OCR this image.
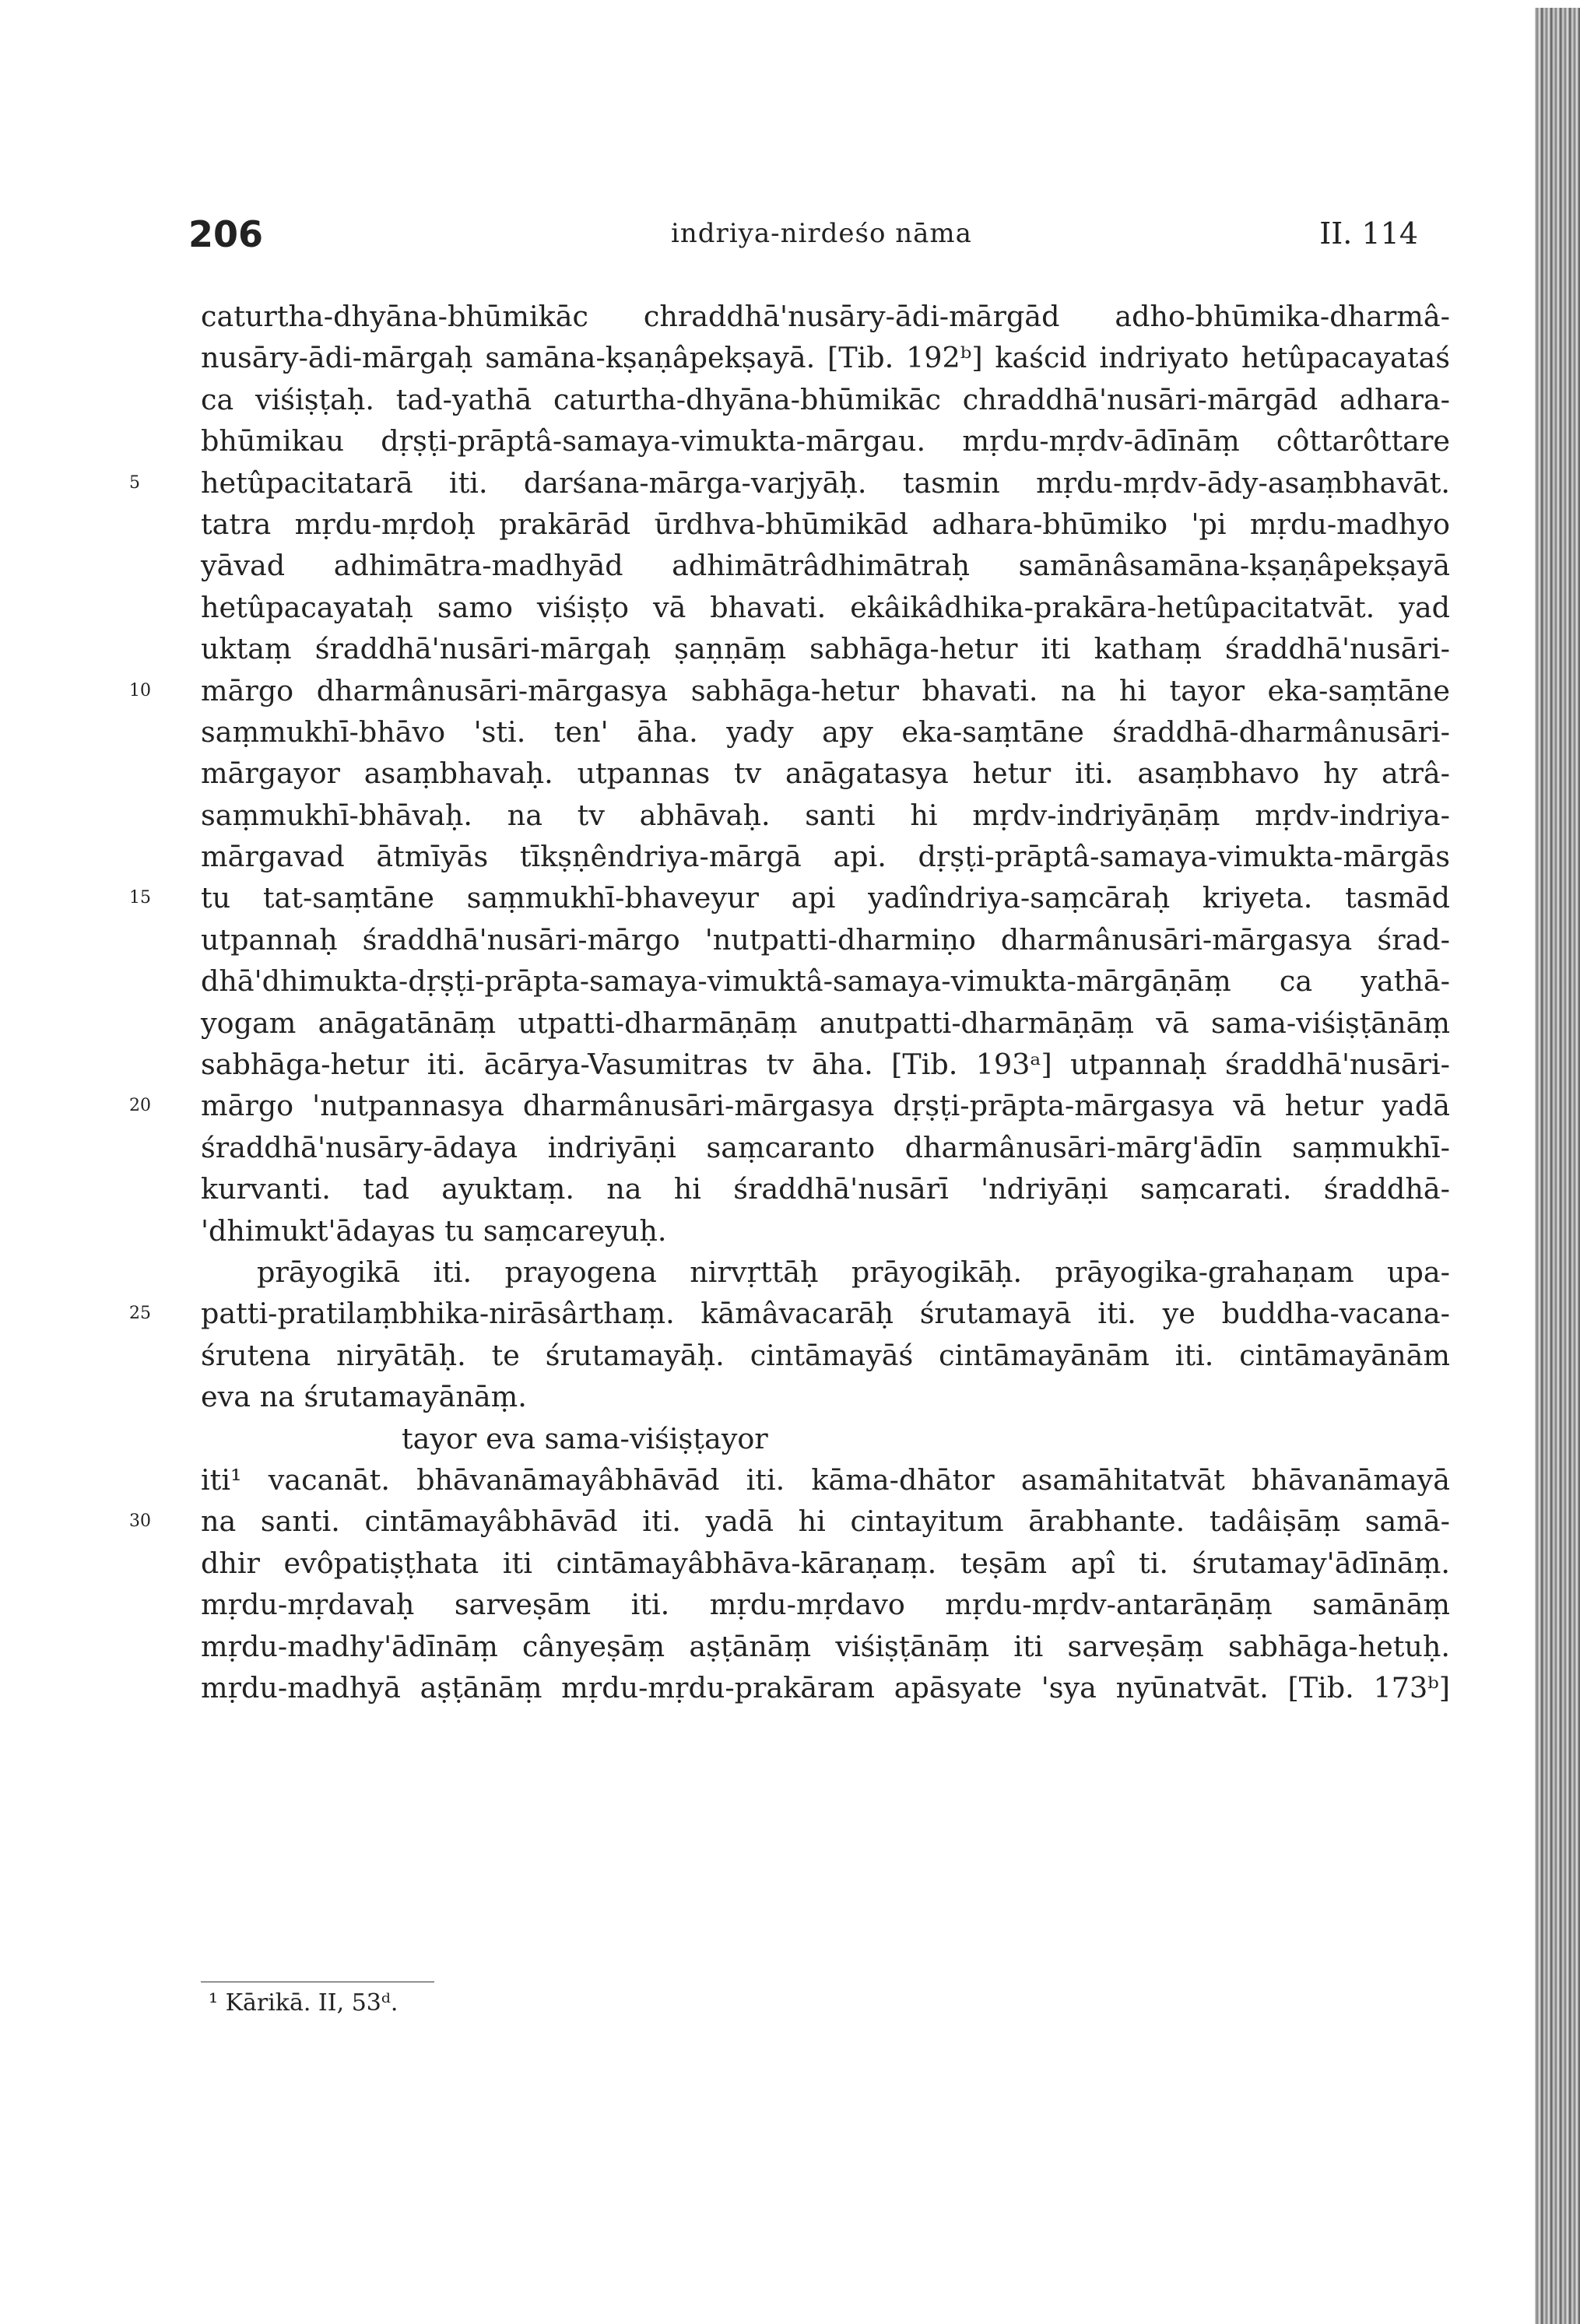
206	indriya-nirdeśo nāma	II. 114
caturtha-dhyāna-bhūmikāc chraddhā'nusāry-ādi-mārgād adho-bhūmika-dharmâ-
nusāry-ādi-mārgaḥ samāna-kṣaṇâpekṣayā. [Tib. 192ᵇ] kaścid indriyato hetûpacayataś
ca viśiṣṭaḥ. tad-yathā caturtha-dhyāna-bhūmikāc chraddhā'nusāri-mārgād adhara-
bhūmikau dṛṣṭi-prāptâ-samaya-vimukta-mārgau. mṛdu-mṛdv-ādīnāṃ côttarôttare
5 hetûpacitatarā iti. darśana-mārga-varjyāḥ. tasmin mṛdu-mṛdv-ādy-asaṃbhavāt.
tatra mṛdu-mṛdoḥ prakārād ūrdhva-bhūmikād adhara-bhūmiko 'pi mṛdu-madhyo
yāvad adhimātra-madhyād adhimātrâdhimātraḥ samānâsamāna-kṣaṇâpekṣayā
hetûpacayataḥ samo viśiṣṭo vā bhavati. ekâikâdhika-prakāra-hetûpacitatvāt. yad
uktaṃ śraddhā'nusāri-mārgaḥ ṣaṇṇāṃ sabhāga-hetur iti kathaṃ śraddhā'nusāri-
10 mārgo dharmânusāri-mārgasya sabhāga-hetur bhavati. na hi tayor eka-saṃtāne
saṃmukhī-bhāvo 'sti. ten' āha. yady apy eka-saṃtāne śraddhā-dharmânusāri-
mārgayor asaṃbhavaḥ. utpannas tv anāgatasya hetur iti. asaṃbhavo hy atrâ-
saṃmukhī-bhāvaḥ. na tv abhāvaḥ. santi hi mṛdv-indriyāṇāṃ mṛdv-indriya-
mārgavad ātmīyās tīkṣṇêndriya-mārgā api. dṛṣṭi-prāptâ-samaya-vimukta-mārgās
15 tu tat-saṃtāne saṃmukhī-bhaveyur api yadîndriya-saṃcāraḥ kriyeta. tasmād
utpannaḥ śraddhā'nusāri-mārgo 'nutpatti-dharmiṇo dharmânusāri-mārgasya śrad-
dhā'dhimukta-dṛṣṭi-prāpta-samaya-vimuktâ-samaya-vimukta-mārgāṇāṃ ca yathā-
yogam anāgatānāṃ utpatti-dharmāṇāṃ anutpatti-dharmāṇāṃ vā sama-viśiṣṭānāṃ
sabhāga-hetur iti. ācārya-Vasumitras tv āha. [Tib. 193ᵃ] utpannaḥ śraddhā'nusāri-
20 mārgo 'nutpannasya dharmânusāri-mārgasya dṛṣṭi-prāpta-mārgasya vā hetur yadā
śraddhā'nusāry-ādaya indriyāṇi saṃcaranto dharmânusāri-mārg'ādīn saṃmukhī-
kurvanti. tad ayuktaṃ. na hi śraddhā'nusārī 'ndriyāṇi saṃcarati. śraddhā-
'dhimukt'ādayas tu saṃcareyuḥ.
prāyogikā iti. prayogena nirvṛttāḥ prāyogikāḥ. prāyogika-grahaṇam upa-
25 patti-pratilaṃbhika-nirāsârthaṃ. kāmâvacarāḥ śrutamayā iti. ye buddha-vacana-
śrutena niryātāḥ. te śrutamayāḥ. cintāmayāś cintāmayānām iti. cintāmayānām
eva na śrutamayānāṃ.
tayor eva sama-viśiṣṭayor
iti¹ vacanāt. bhāvanāmayâbhāvād iti. kāma-dhātor asamāhitatvāt bhāvanāmayā
30 na santi. cintāmayâbhāvād iti. yadā hi cintayitum ārabhante. tadâiṣāṃ samā-
dhir evôpatiṣṭhata iti cintāmayâbhāva-kāraṇaṃ. teṣām apî ti. śrutamay'ādīnāṃ.
mṛdu-mṛdavaḥ sarveṣām iti. mṛdu-mṛdavo mṛdu-mṛdv-antarāṇāṃ samānāṃ
mṛdu-madhy'ādīnāṃ cânyeṣāṃ aṣṭānāṃ viśiṣṭānāṃ iti sarveṣāṃ sabhāga-hetuḥ.
mṛdu-madhyā aṣṭānāṃ mṛdu-mṛdu-prakāram apāsyate 'sya nyūnatvāt. [Tib. 173ᵇ]
¹ Kārikā. II, 53ᵈ.
